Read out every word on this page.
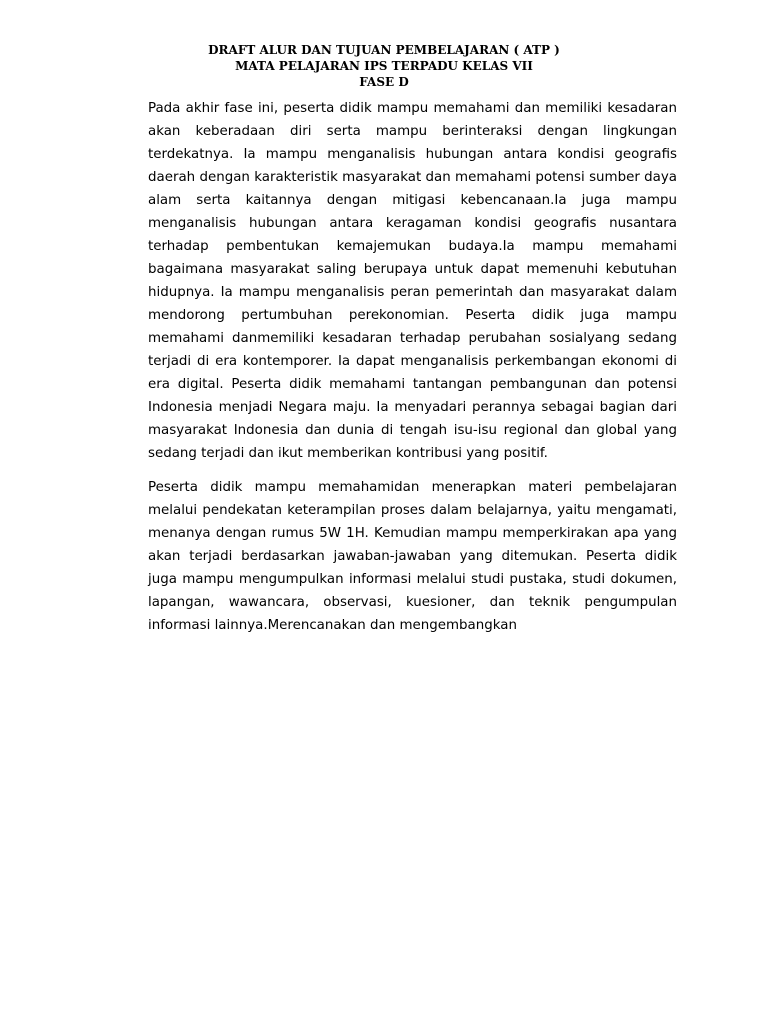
DRAFT ALUR DAN TUJUAN PEMBELAJARAN ( ATP )
MATA PELAJARAN IPS TERPADU KELAS VII
FASE D

Pada akhir fase ini, peserta didik mampu memahami dan memiliki kesadaran akan keberadaan diri serta mampu berinteraksi dengan lingkungan terdekatnya. Ia mampu menganalisis hubungan antara kondisi geografis daerah dengan karakteristik masyarakat dan memahami potensi sumber daya alam serta kaitannya dengan mitigasi kebencanaan.Ia juga mampu menganalisis hubungan antara keragaman kondisi geografis nusantara terhadap pembentukan kemajemukan budaya.Ia mampu memahami bagaimana masyarakat saling berupaya untuk dapat memenuhi kebutuhan hidupnya. Ia mampu menganalisis peran pemerintah dan masyarakat dalam mendorong pertumbuhan perekonomian. Peserta didik juga mampu memahami danmemiliki kesadaran terhadap perubahan sosialyang sedang terjadi di era kontemporer. Ia dapat menganalisis perkembangan ekonomi di era digital. Peserta didik memahami tantangan pembangunan dan potensi Indonesia menjadi Negara maju. Ia menyadari perannya sebagai bagian dari masyarakat Indonesia dan dunia di tengah isu-isu regional dan global yang sedang terjadi dan ikut memberikan kontribusi yang positif.

Peserta didik mampu memahamidan menerapkan materi pembelajaran melalui pendekatan keterampilan proses dalam belajarnya, yaitu mengamati, menanya dengan rumus 5W 1H. Kemudian mampu memperkirakan apa yang akan terjadi berdasarkan jawaban-jawaban yang ditemukan. Peserta didik juga mampu mengumpulkan informasi melalui studi pustaka, studi dokumen, lapangan, wawancara, observasi, kuesioner, dan teknik pengumpulan informasi lainnya.Merencanakan dan mengembangkan
